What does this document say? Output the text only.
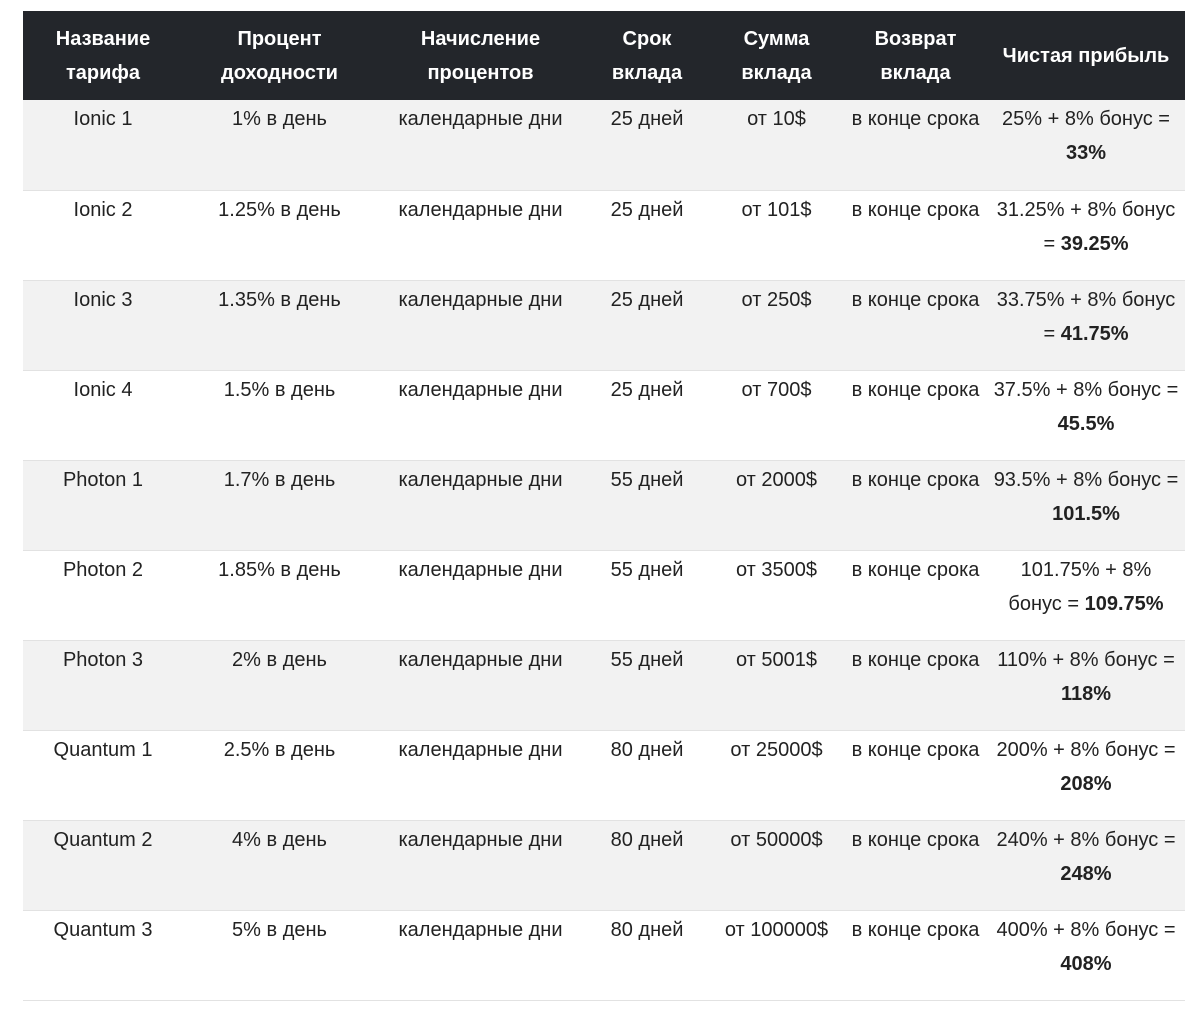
Название тарифа	Процент доходности	Начисление процентов	Срок вклада	Сумма вклада	Возврат вклада	Чистая прибыль
Ionic 1	1% в день	календарные дни	25 дней	от 10$	в конце срока	25% + 8% бонус = 33%
Ionic 2	1.25% в день	календарные дни	25 дней	от 101$	в конце срока	31.25% + 8% бонус = 39.25%
Ionic 3	1.35% в день	календарные дни	25 дней	от 250$	в конце срока	33.75% + 8% бонус = 41.75%
Ionic 4	1.5% в день	календарные дни	25 дней	от 700$	в конце срока	37.5% + 8% бонус = 45.5%
Photon 1	1.7% в день	календарные дни	55 дней	от 2000$	в конце срока	93.5% + 8% бонус = 101.5%
Photon 2	1.85% в день	календарные дни	55 дней	от 3500$	в конце срока	101.75% + 8% бонус = 109.75%
Photon 3	2% в день	календарные дни	55 дней	от 5001$	в конце срока	110% + 8% бонус = 118%
Quantum 1	2.5% в день	календарные дни	80 дней	от 25000$	в конце срока	200% + 8% бонус = 208%
Quantum 2	4% в день	календарные дни	80 дней	от 50000$	в конце срока	240% + 8% бонус = 248%
Quantum 3	5% в день	календарные дни	80 дней	от 100000$	в конце срока	400% + 8% бонус = 408%
